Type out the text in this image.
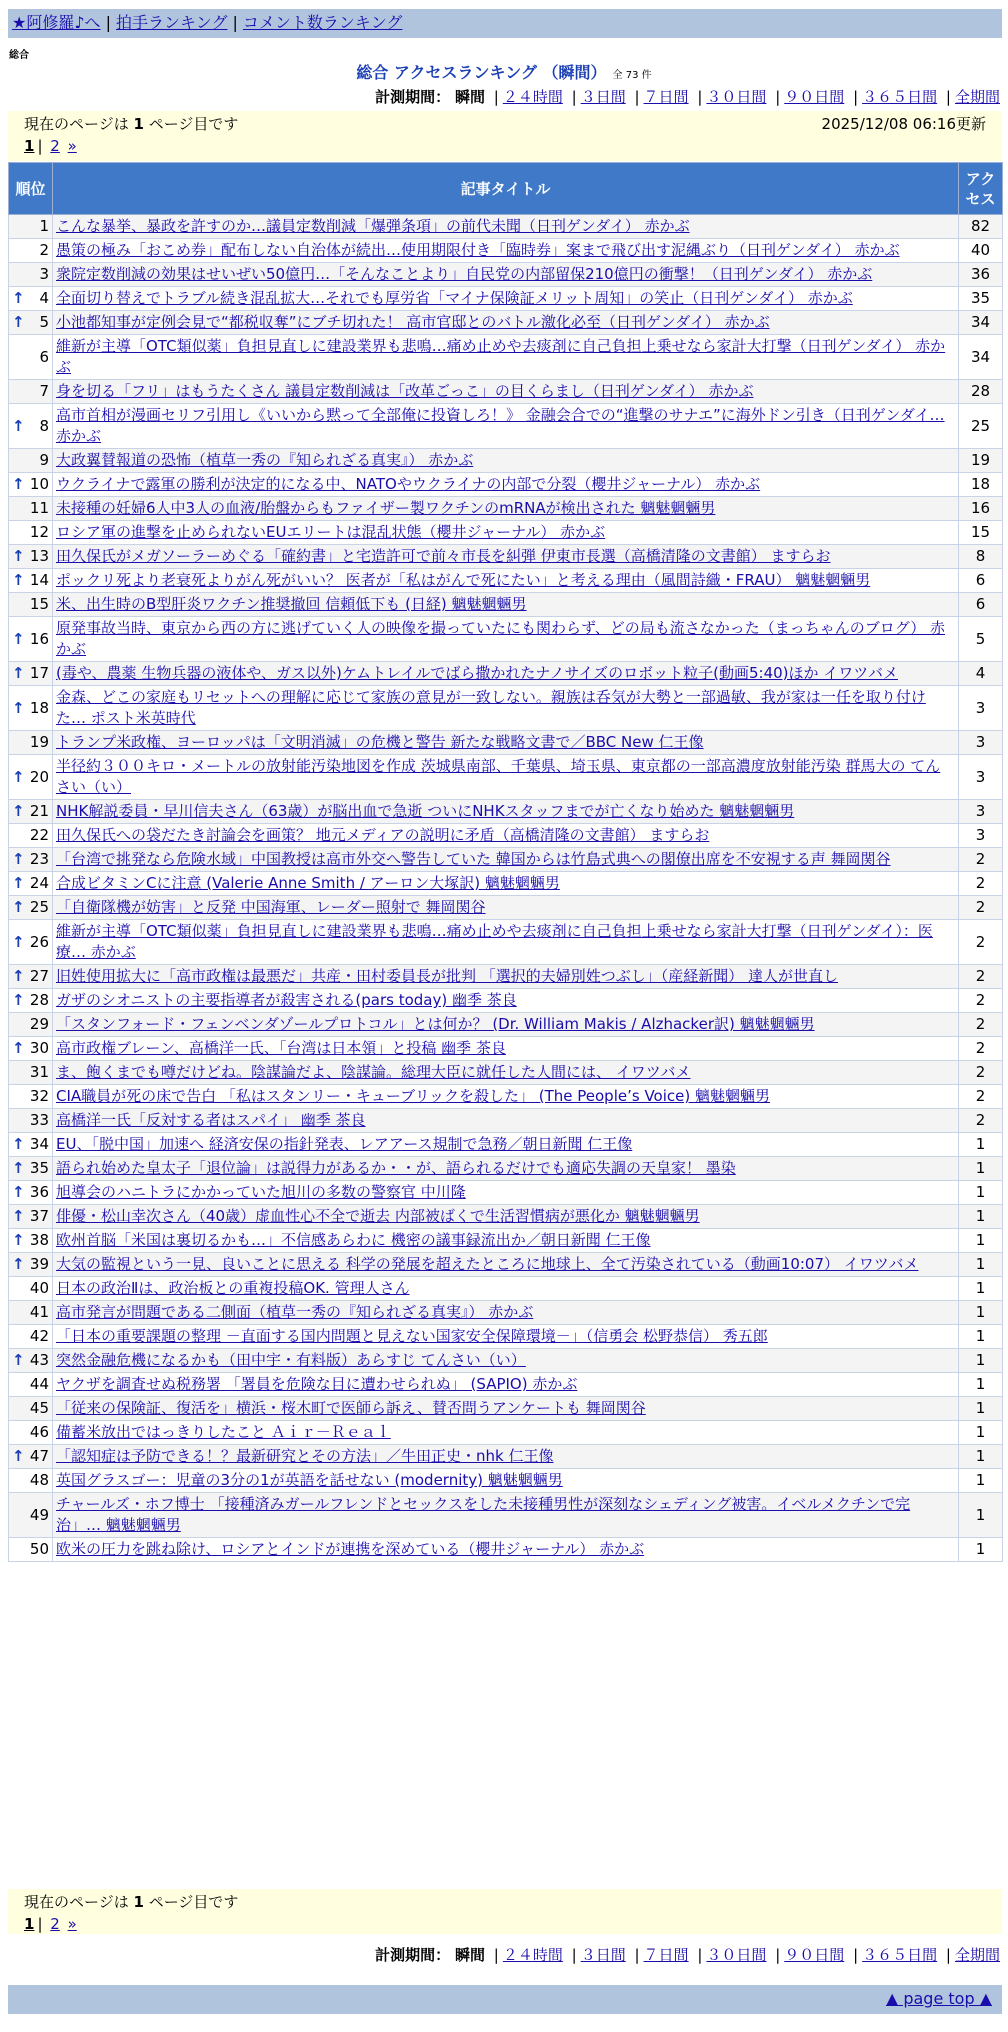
★阿修羅♪へ | 拍手ランキング | コメント数ランキング
総合
総合 アクセスランキング （瞬間） 全 73 件
計測期間： 瞬間 | ２４時間 | ３日間 | ７日間 | ３０日間 | ９０日間 | ３６５日間 | 全期間
現在のページは 1 ページ目です	2025/12/08 06:16更新
1 | 2 »
順位	記事タイトル	アクセス
1	こんな暴挙、暴政を許すのか…議員定数削減「爆弾条項」の前代未聞（日刊ゲンダイ） 赤かぶ	82
2	愚策の極み「おこめ券」配布しない自治体が続出…使用期限付き「臨時券」案まで飛び出す泥縄ぶり（日刊ゲンダイ） 赤かぶ	40
3	衆院定数削減の効果はせいぜい50億円…「そんなことより」自民党の内部留保210億円の衝撃！（日刊ゲンダイ） 赤かぶ	36

↑ 4	全面切り替えでトラブル続き混乱拡大…それでも厚労省「マイナ保険証メリット周知」の笑止（日刊ゲンダイ） 赤かぶ	35

↑ 5	小池都知事が定例会見で“都税収奪”にブチ切れた！ 高市官邸とのバトル激化必至（日刊ゲンダイ） 赤かぶ	34
6	維新が主導「OTC類似薬」負担見直しに建設業界も悲鳴…痛め止めや去痰剤に自己負担上乗せなら家計大打撃（日刊ゲンダイ） 赤かぶ	34
7	身を切る「フリ」はもうたくさん 議員定数削減は「改革ごっこ」の目くらまし（日刊ゲンダイ） 赤かぶ	28

↑ 8	高市首相が漫画セリフ引用し《いいから黙って全部俺に投資しろ！》 金融会合での“進撃のサナエ”に海外ドン引き（日刊ゲンダイ… 赤かぶ	25
9	大政翼賛報道の恐怖（植草一秀の『知られざる真実』） 赤かぶ	19

↑ 10	ウクライナで露軍の勝利が決定的になる中、NATOやウクライナの内部で分裂（櫻井ジャーナル） 赤かぶ	18
11	未接種の妊婦6人中3人の血液/胎盤からもファイザー製ワクチンのmRNAが検出された 魑魅魍魎男	16
12	ロシア軍の進撃を止められないEUエリートは混乱状態（櫻井ジャーナル） 赤かぶ	15

↑ 13	田久保氏がメガソーラーめぐる「確約書」と宅造許可で前々市長を糾弾 伊東市長選（高橋清隆の文書館） ますらお	8

↑ 14	ポックリ死より老衰死よりがん死がいい？ 医者が「私はがんで死にたい」と考える理由（風間詩織・FRAU） 魑魅魍魎男	6
15	米、出生時のB型肝炎ワクチン推奨撤回 信頼低下も (日経) 魑魅魍魎男	6

↑ 16	原発事故当時、東京から西の方に逃げていく人の映像を撮っていたにも関わらず、どの局も流さなかった（まっちゃんのブログ） 赤かぶ	5

↑ 17	(毒や、農薬 生物兵器の液体や、ガス以外)ケムトレイルでばら撒かれたナノサイズのロボット粒子(動画5:40)ほか イワツバメ	4

↑ 18	金森、どこの家庭もリセットへの理解に応じて家族の意見が一致しない。親族は呑気が大勢と一部過敏、我が家は一任を取り付けた… ポスト米英時代	3
19	トランプ米政権、ヨーロッパは「文明消滅」の危機と警告 新たな戦略文書で／BBC New 仁王像	3

↑ 20	半径約３００キロ・メートルの放射能汚染地図を作成 茨城県南部、千葉県、埼玉県、東京都の一部高濃度放射能汚染 群馬大の てんさい（い）	3

↑ 21	NHK解説委員・早川信夫さん（63歳）が脳出血で急逝 ついにNHKスタッフまでが亡くなり始めた 魑魅魍魎男	3
22	田久保氏への袋だたき討論会を画策？ 地元メディアの説明に矛盾（高橋清隆の文書館） ますらお	3

↑ 23	「台湾で挑発なら危険水域」中国教授は高市外交へ警告していた 韓国からは竹島式典への閣僚出席を不安視する声 舞岡関谷	2

↑ 24	合成ビタミンCに注意 (Valerie Anne Smith / アーロン大塚訳) 魑魅魍魎男	2

↑ 25	「自衛隊機が妨害」と反発 中国海軍、レーダー照射で 舞岡関谷	2

↑ 26	維新が主導「OTC類似薬」負担見直しに建設業界も悲鳴…痛め止めや去痰剤に自己負担上乗せなら家計大打撃（日刊ゲンダイ）：医療… 赤かぶ	2

↑ 27	旧姓使用拡大に「高市政権は最悪だ」共産・田村委員長が批判 「選択的夫婦別姓つぶし」（産経新聞） 達人が世直し	2

↑ 28	ガザのシオニストの主要指導者が殺害される(pars today) 幽季 茶良	2
29	「スタンフォード・フェンベンダゾールプロトコル」とは何か？ (Dr. William Makis / Alzhacker訳) 魑魅魍魎男	2

↑ 30	高市政権ブレーン、高橋洋一氏、「台湾は日本領」と投稿 幽季 茶良	2
31	ま、飽くまでも噂だけどね。陰謀論だよ、陰謀論。総理大臣に就任した人間には、 イワツバメ	2
32	CIA職員が死の床で告白 「私はスタンリー・キューブリックを殺した」 (The People’s Voice) 魑魅魍魎男	2
33	高橋洋一氏「反対する者はスパイ」 幽季 茶良	2

↑ 34	EU、「脱中国」加速へ 経済安保の指針発表、レアアース規制で急務／朝日新聞 仁王像	1

↑ 35	語られ始めた皇太子「退位論」は説得力があるか・・が、語られるだけでも適応失調の天皇家！ 墨染	1

↑ 36	旭導会のハニトラにかかっていた旭川の多数の警察官 中川隆	1

↑ 37	俳優・松山幸次さん（40歳）虚血性心不全で逝去 内部被ばくで生活習慣病が悪化か 魑魅魍魎男	1

↑ 38	欧州首脳「米国は裏切るかも…」不信感あらわに 機密の議事録流出か／朝日新聞 仁王像	1

↑ 39	大気の監視という一見、良いことに思える 科学の発展を超えたところに地球上、全て汚染されている（動画10:07） イワツバメ	1
40	日本の政治Ⅱは、政治板との重複投稿OK. 管理人さん	1
41	高市発言が問題である二側面（植草一秀の『知られざる真実』） 赤かぶ	1
42	「日本の重要課題の整理 －直面する国内問題と見えない国家安全保障環境－」（信勇会 松野恭信） 秀五郎	1

↑ 43	突然金融危機になるかも（田中宇・有料版）あらすじ てんさい（い）	1
44	ヤクザを調査せぬ税務署 「署員を危険な目に遭わせられぬ」 (SAPIO) 赤かぶ	1
45	「従来の保険証、復活を」横浜・桜木町で医師ら訴え、賛否問うアンケートも 舞岡関谷	1
46	備蓄米放出ではっきりしたこと Ａｉｒ－Ｒｅａｌ	1

↑ 47	「認知症は予防できる！？最新研究とその方法」／牛田正史・nhk 仁王像	1
48	英国グラスゴー：児童の3分の1が英語を話せない (modernity) 魑魅魍魎男	1
49	チャールズ・ホフ博士 「接種済みガールフレンドとセックスをした未接種男性が深刻なシェディング被害。イベルメクチンで完治」… 魑魅魍魎男	1
50	欧米の圧力を跳ね除け、ロシアとインドが連携を深めている（櫻井ジャーナル） 赤かぶ	1
現在のページは 1 ページ目です
1 | 2 »
計測期間： 瞬間 | ２４時間 | ３日間 | ７日間 | ３０日間 | ９０日間 | ３６５日間 | 全期間
▲ page top ▲
